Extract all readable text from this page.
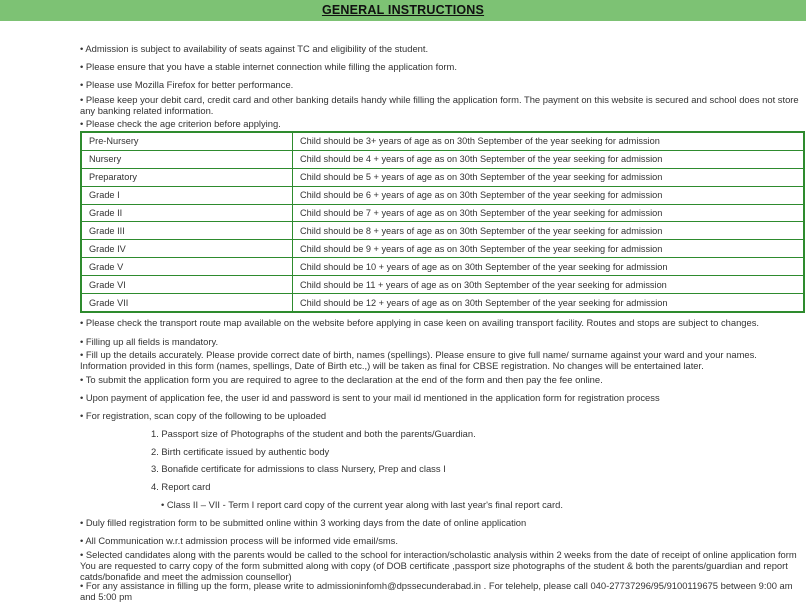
GENERAL INSTRUCTIONS
• Admission is subject to availability of seats against TC and eligibility of the student.
• Please ensure that you have a stable internet connection while filling the application form.
• Please use Mozilla Firefox for better performance.
• Please keep your debit card, credit card and other banking details handy while filling the application form. The payment on this website is secured and school does not store any banking related information.
• Please check the age criterion before applying.
Pre-Nursery	Child should be 3+ years of age as on 30th September of the year seeking for admission
Nursery	Child should be 4 + years of age as on 30th September of the year seeking for admission
Preparatory	Child should be 5 + years of age as on 30th September of the year seeking for admission
Grade I	Child should be 6 + years of age as on 30th September of the year seeking for admission
Grade II	Child should be 7 + years of age as on 30th September of the year seeking for admission
Grade III	Child should be 8 + years of age as on 30th September of the year seeking for admission
Grade IV	Child should be 9 + years of age as on 30th September of the year seeking for admission
Grade V	Child should be 10 + years of age as on 30th September of the year seeking for admission
Grade VI	Child should be 11 + years of age as on 30th September of the year seeking for admission
Grade VII	Child should be 12 + years of age as on 30th September of the year seeking for admission
• Please check the transport route map available on the website before applying in case keen on availing transport facility. Routes and stops are subject to changes.
• Filling up all fields is mandatory.
• Fill up the details accurately. Please provide correct date of birth, names (spellings). Please ensure to give full name/ surname against your ward and your names. Information provided in this form (names, spellings, Date of Birth etc.,) will be taken as final for CBSE registration. No changes will be entertained later.
• To submit the application form you are required to agree to the declaration at the end of the form and then pay the fee online.
• Upon payment of application fee, the user id and password is sent to your mail id mentioned in the application form for registration process
• For registration, scan copy of the following to be uploaded
1. Passport size of Photographs of the student and both the parents/Guardian.
2. Birth certificate issued by authentic body
3. Bonafide certificate for admissions to class Nursery, Prep and class I
4. Report card
• Class II – VII - Term I report card copy of the current year along with last year's final report card.
• Duly filled registration form to be submitted online within 3 working days from the date of online application
• All Communication w.r.t admission process will be informed vide email/sms.
• Selected candidates along with the parents would be called to the school for interaction/scholastic analysis within 2 weeks from the date of receipt of online application form You are requested to carry copy of the form submitted along with copy (of DOB certificate ,passport size photographs of the student & both the parents/guardian and report catds/bonafide and meet the admission counsellor)
• For any assistance in filling up the form, please write to admissioninfomh@dpssecunderabad.in . For telehelp, please call 040-27737296/95/9100119675 between 9:00 am and 5:00 pm
